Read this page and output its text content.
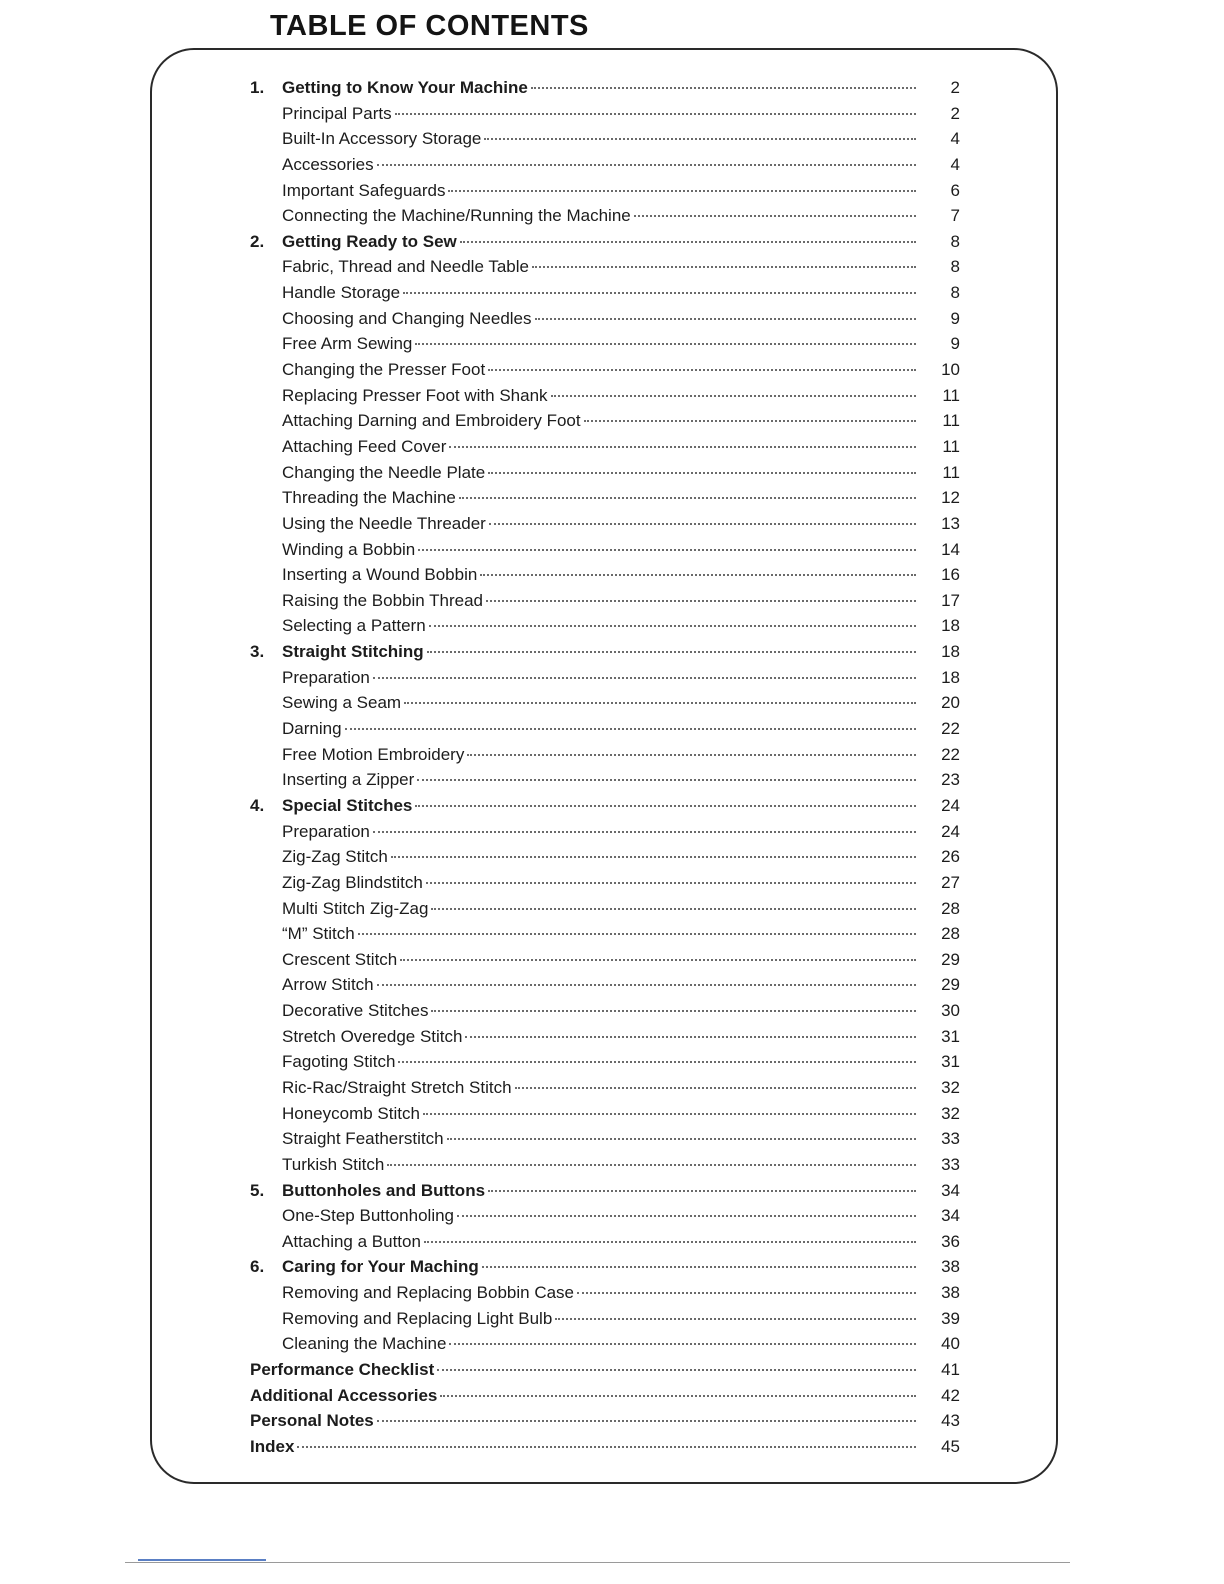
TABLE OF CONTENTS
1.	Getting to Know Your Machine	2
Principal Parts	2
Built-In Accessory Storage	4
Accessories	4
Important Safeguards	6
Connecting the Machine/Running the Machine	7
2.	Getting Ready to Sew	8
Fabric, Thread and Needle Table	8
Handle Storage	8
Choosing and Changing Needles	9
Free Arm Sewing	9
Changing the Presser Foot	10
Replacing Presser Foot with Shank	11
Attaching Darning and Embroidery Foot	11
Attaching Feed Cover	11
Changing the Needle Plate	11
Threading the Machine	12
Using the Needle Threader	13
Winding a Bobbin	14
Inserting a Wound Bobbin	16
Raising the Bobbin Thread	17
Selecting a Pattern	18
3.	Straight Stitching	18
Preparation	18
Sewing a Seam	20
Darning	22
Free Motion Embroidery	22
Inserting a Zipper	23
4.	Special Stitches	24
Preparation	24
Zig-Zag Stitch	26
Zig-Zag Blindstitch	27
Multi Stitch Zig-Zag	28
“M” Stitch	28
Crescent Stitch	29
Arrow Stitch	29
Decorative Stitches	30
Stretch Overedge Stitch	31
Fagoting Stitch	31
Ric-Rac/Straight Stretch Stitch	32
Honeycomb Stitch	32
Straight Featherstitch	33
Turkish Stitch	33
5.	Buttonholes and Buttons	34
One-Step Buttonholing	34
Attaching a Button	36
6.	Caring for Your Maching	38
Removing and Replacing Bobbin Case	38
Removing and Replacing Light Bulb	39
Cleaning the Machine	40
Performance Checklist	41
Additional Accessories	42
Personal Notes	43
Index	45
